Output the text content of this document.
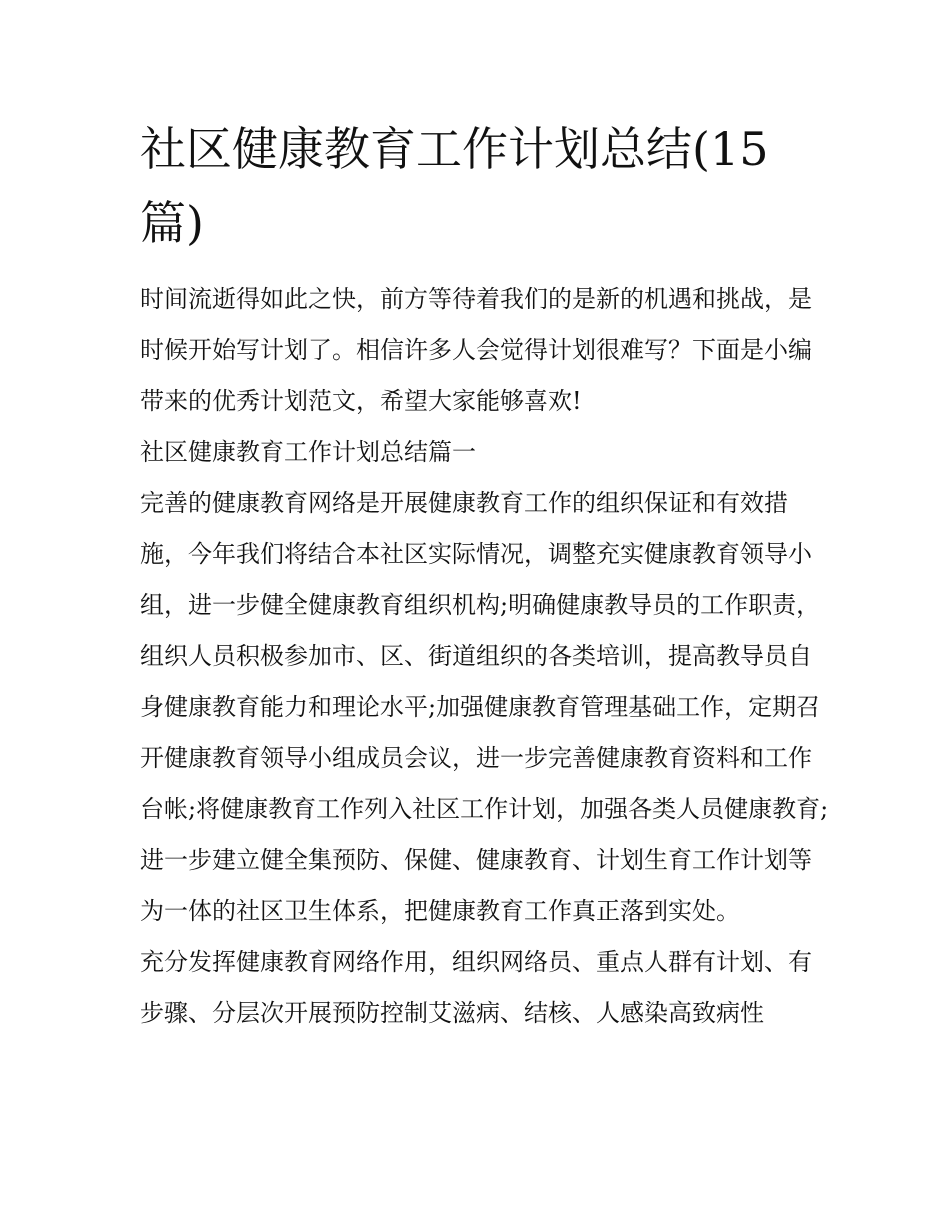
社区健康教育工作计划总结(15篇)

时间流逝得如此之快，前方等待着我们的是新的机遇和挑战，是时候开始写计划了。相信许多人会觉得计划很难写？下面是小编带来的优秀计划范文，希望大家能够喜欢!

社区健康教育工作计划总结篇一

完善的健康教育网络是开展健康教育工作的组织保证和有效措施，今年我们将结合本社区实际情况，调整充实健康教育领导小组，进一步健全健康教育组织机构;明确健康教导员的工作职责，组织人员积极参加市、区、街道组织的各类培训，提高教导员自身健康教育能力和理论水平;加强健康教育管理基础工作，定期召开健康教育领导小组成员会议，进一步完善健康教育资料和工作台帐;将健康教育工作列入社区工作计划，加强各类人员健康教育;进一步建立健全集预防、保健、健康教育、计划生育工作计划等为一体的社区卫生体系，把健康教育工作真正落到实处。

充分发挥健康教育网络作用，组织网络员、重点人群有计划、有步骤、分层次开展预防控制艾滋病、结核、人感染高致病性
